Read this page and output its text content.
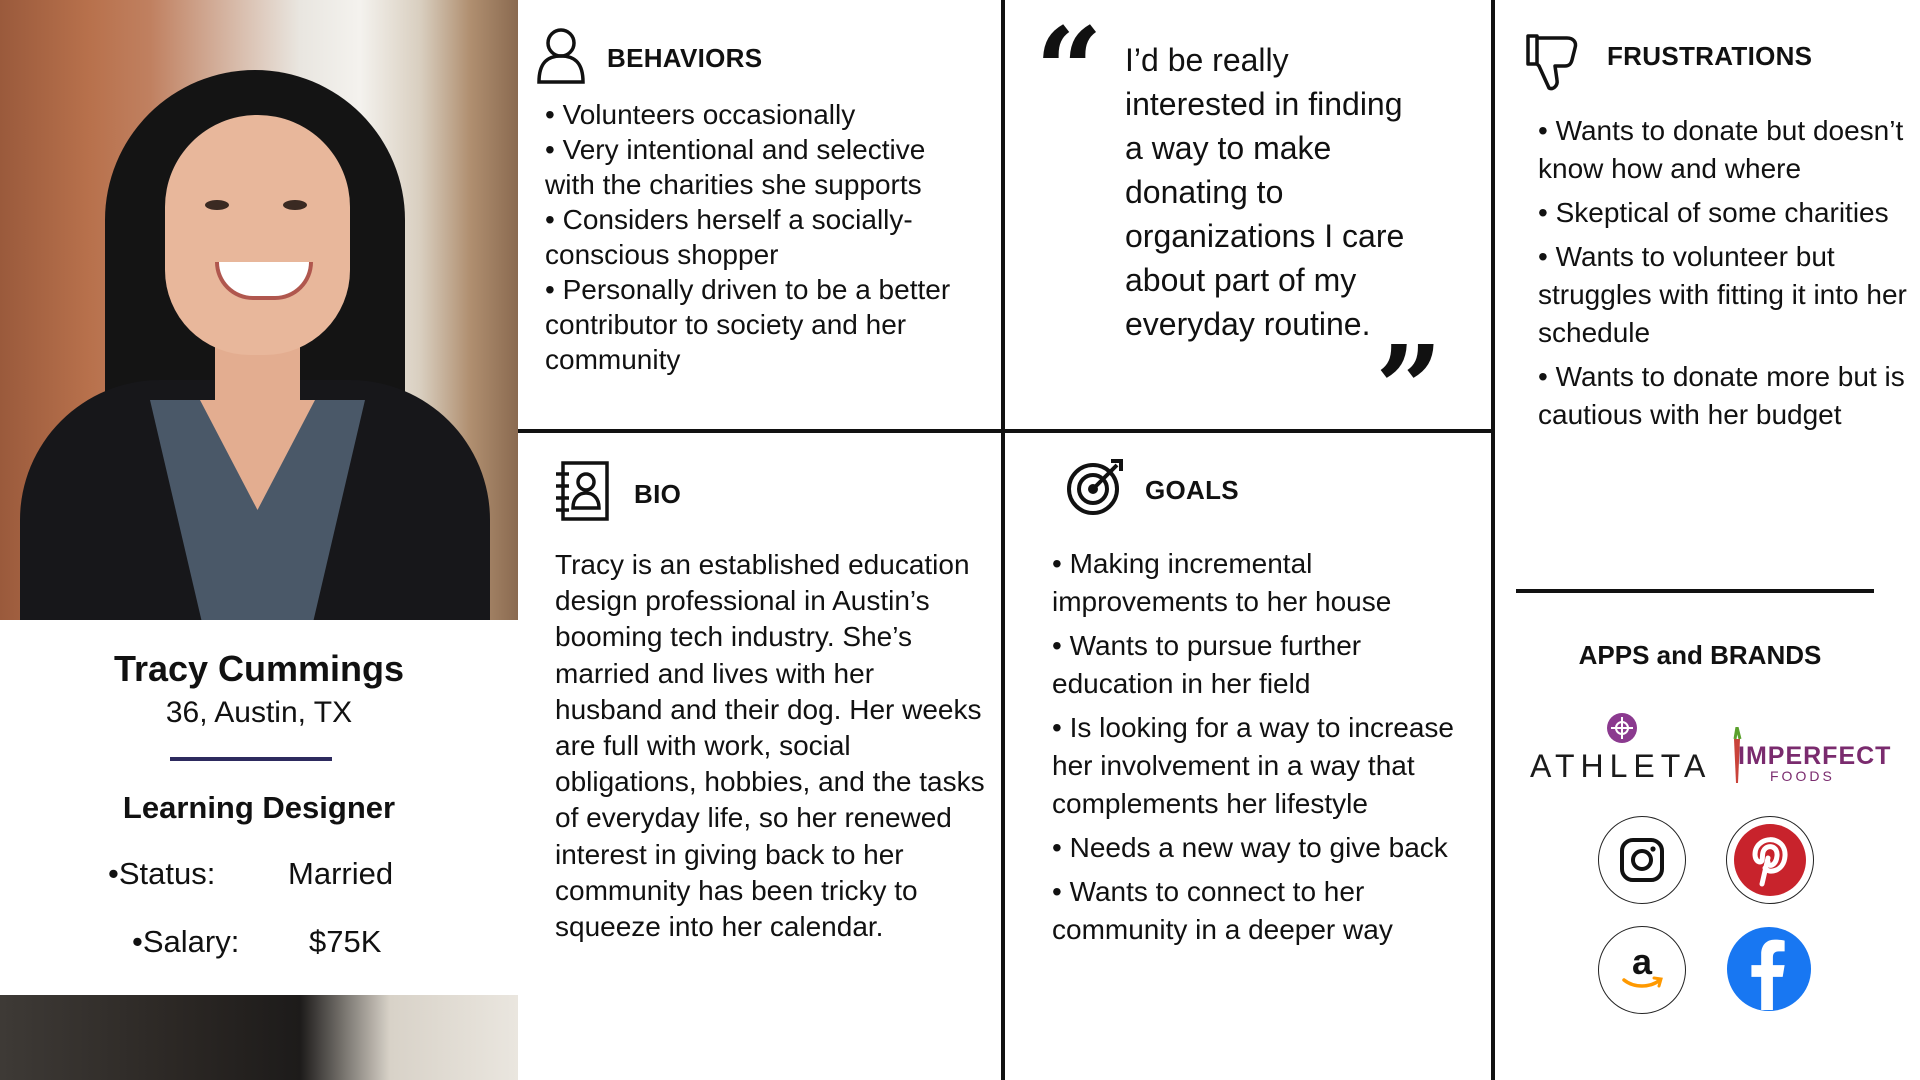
Tracy Cummings
36, Austin, TX
Learning Designer
•Status: Married
•Salary: $75K
BEHAVIORS
• Volunteers occasionally
• Very intentional and selective with the charities she supports
• Considers herself a socially-conscious shopper
• Personally driven to be a better contributor to society and her community
“ I’d be really interested in finding a way to make donating to organizations I care about part of my everyday routine. ”
FRUSTRATIONS
• Wants to donate but doesn’t know how and where
• Skeptical of some charities
• Wants to volunteer but struggles with fitting it into her schedule
• Wants to donate more but is cautious with her budget
BIO
Tracy is an established education design professional in Austin’s booming tech industry. She’s married and lives with her husband and their dog. Her weeks are full with work, social obligations, hobbies, and the tasks of everyday life, so her renewed interest in giving back to her community has been tricky to squeeze into her calendar.
GOALS
• Making incremental improvements to her house
• Wants to pursue further education in her field
• Is looking for a way to increase her involvement in a way that complements her lifestyle
• Needs a new way to give back
• Wants to connect to her community in a deeper way
APPS and BRANDS
ATHLETA IMPERFECT
FOODS
a
